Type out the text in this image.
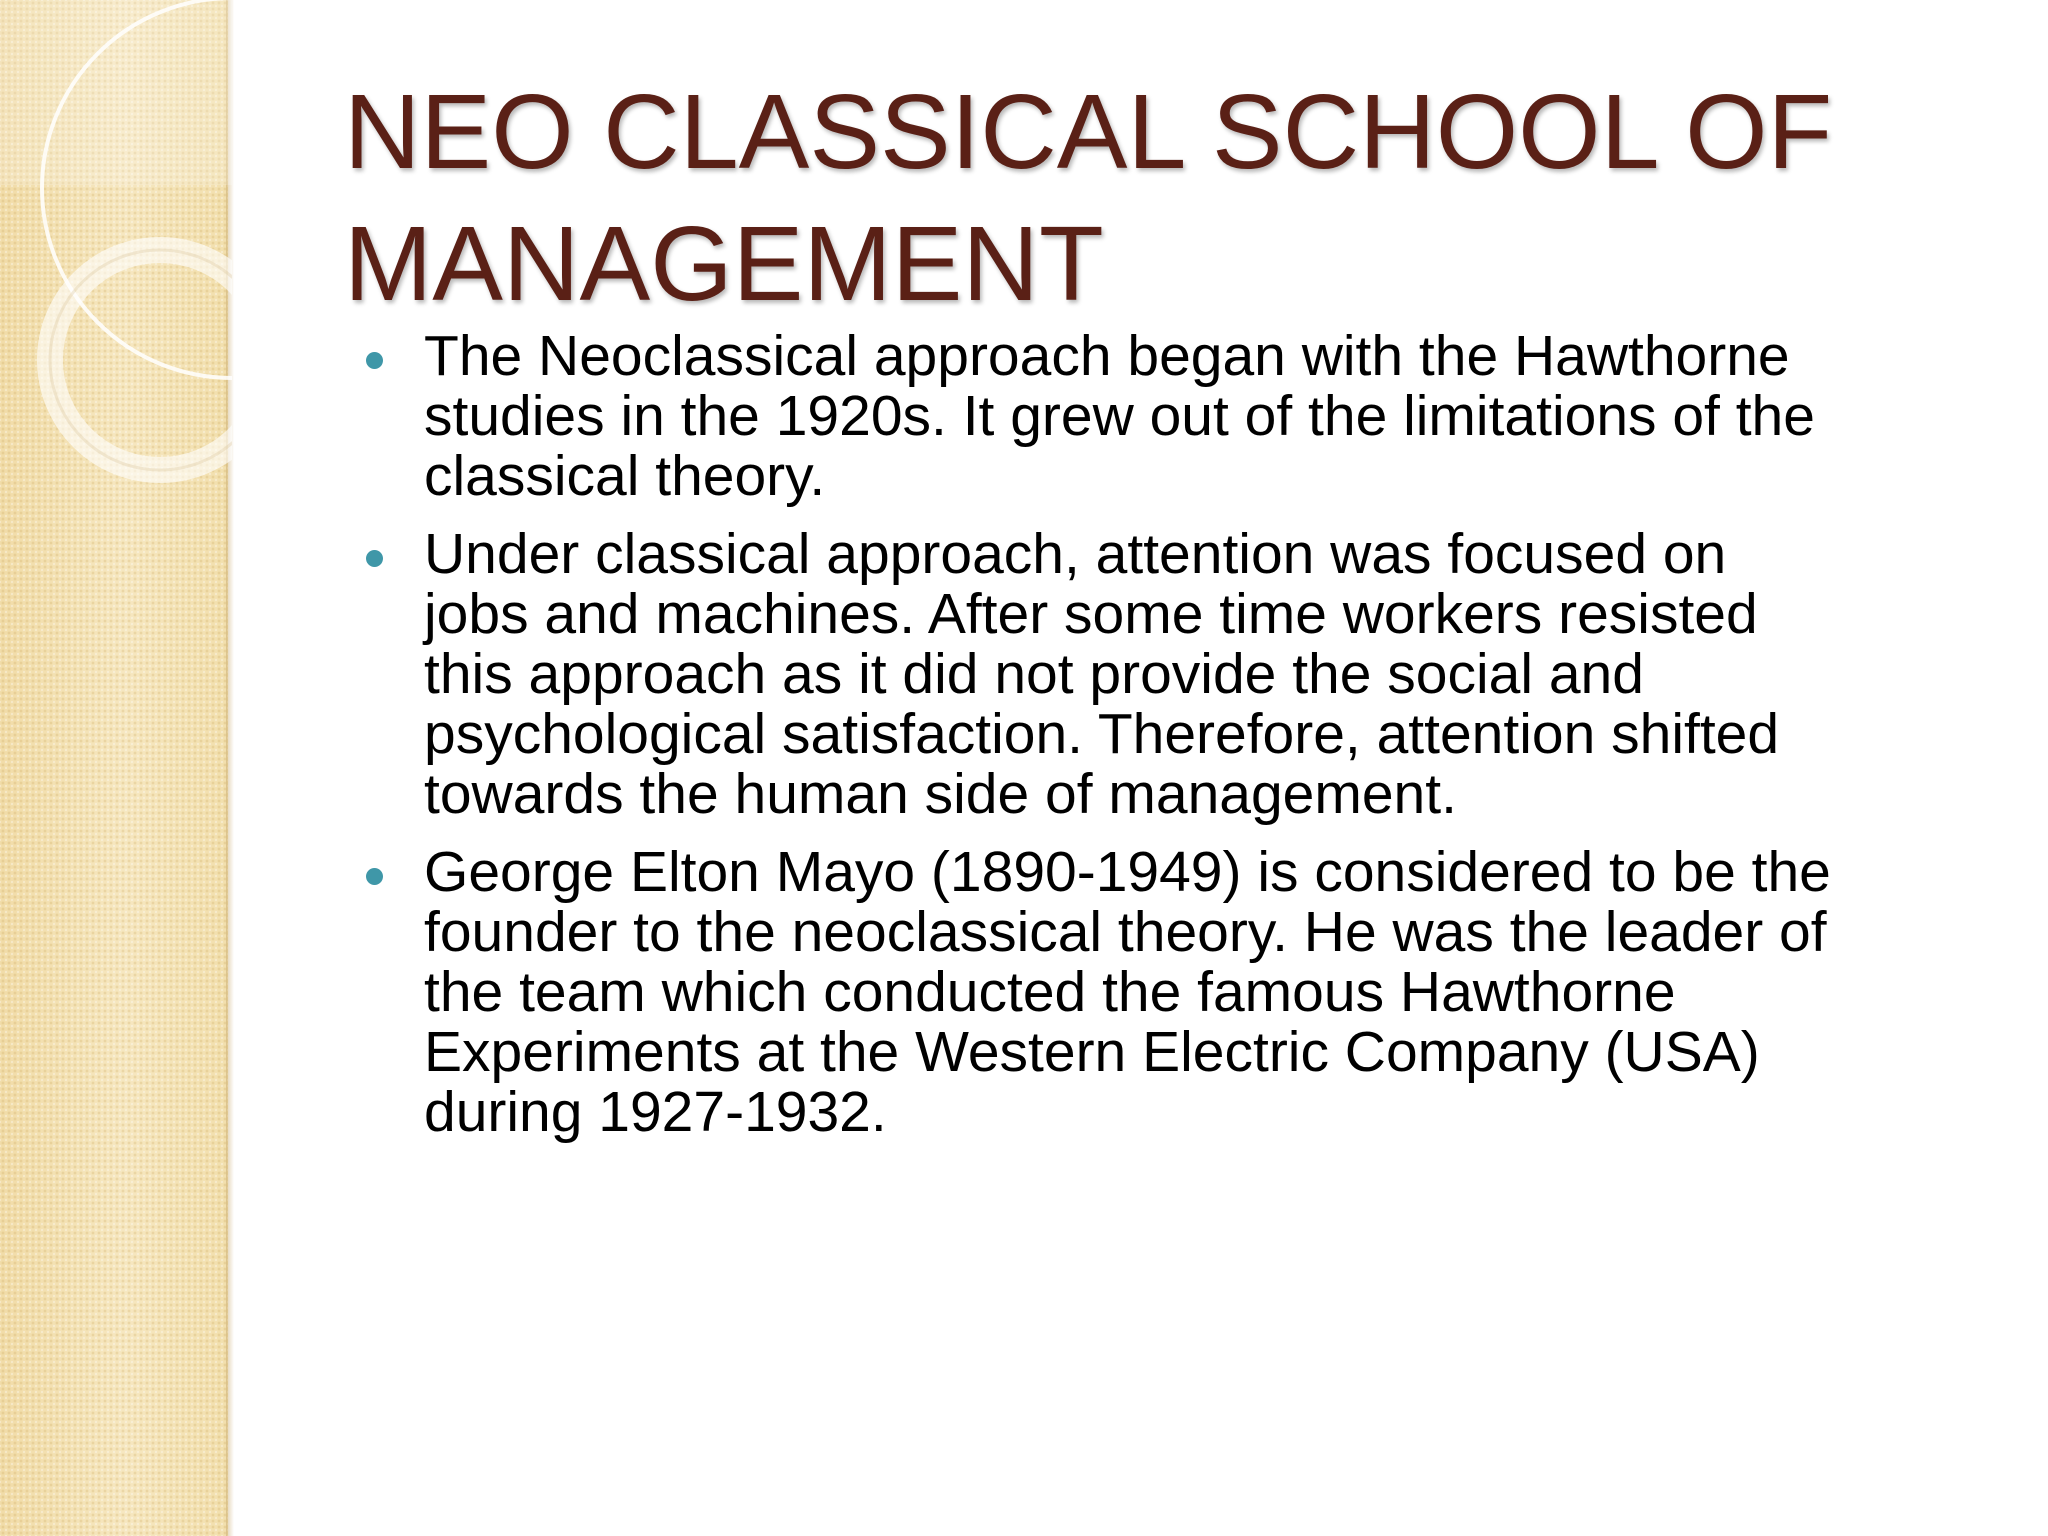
NEO CLASSICAL SCHOOL OF
MANAGEMENT
The Neoclassical approach began with the Hawthorne
studies in the 1920s. It grew out of the limitations of the
classical theory.
Under classical approach, attention was focused on
jobs and machines. After some time workers resisted
this approach as it did not provide the social and
psychological satisfaction. Therefore, attention shifted
towards the human side of management.
George Elton Mayo (1890-1949) is considered to be the
founder to the neoclassical theory. He was the leader of
the team which conducted the famous Hawthorne
Experiments at the Western Electric Company (USA)
during 1927-1932.
